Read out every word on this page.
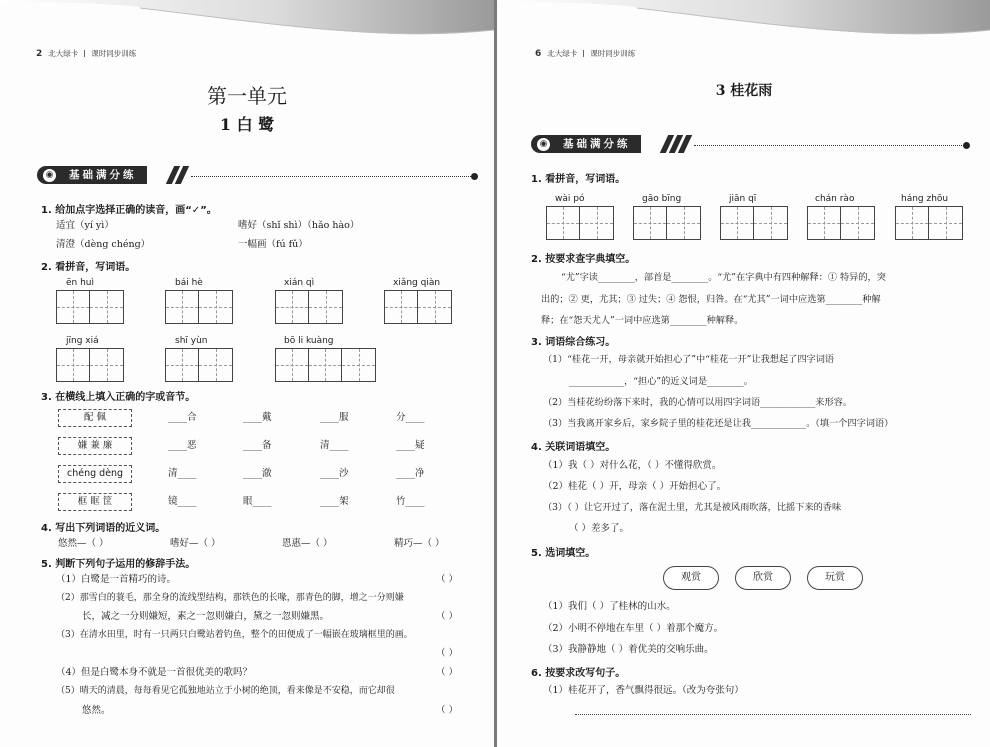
2 北大绿卡 课时同步训练
第一单元
1 白 鹭
基础满分练
◉
1. 给加点字选择正确的读音，画“✓”。
适宜（yí yì）	嗜好（shǐ shì）（hǎo hào）
清澄（dèng chéng）	一幅画（fú fǔ）
2. 看拼音，写词语。
ēn huì	bái hè	xián qì	xiǎng qiàn
jīng xiá	shī yùn	bō li kuàng
3. 在横线上填入正确的字或音节。
配 佩	____合	____戴	____服	分____
嫌 兼 廉	____恶	____备	清____	____疑
chéng dèng	清____	____澈	____沙	____净
框 眶 筐	镜____	眼____	____架	竹____
4. 写出下列词语的近义词。
悠然—（ ）	嗜好—（ ）	恩惠—（ ）	精巧—（ ）
5. 判断下列句子运用的修辞手法。
（1）白鹭是一首精巧的诗。	（ ）
（2）那雪白的蓑毛，那全身的流线型结构，那铁色的长喙，那青色的脚，增之一分则嫌
长，减之一分则嫌短，素之一忽则嫌白，黛之一忽则嫌黑。	（ ）
（3）在清水田里，时有一只两只白鹭站着钓鱼，整个的田便成了一幅嵌在玻璃框里的画。
（ ）
（4）但是白鹭本身不就是一首很优美的歌吗？	（ ）
（5）晴天的清晨，每每看见它孤独地站立于小树的绝顶，看来像是不安稳，而它却很
悠然。	（ ）
6 北大绿卡 课时同步训练
3 桂花雨
基础满分练
◉
1. 看拼音，写词语。
wài pó	gāo bīng	jiān qī	chán rào	háng zhōu
2. 按要求查字典填空。
“尤”字读________，部首是________。“尤”在字典中有四种解释：① 特异的，突
出的；② 更，尤其；③ 过失；④ 怨恨，归咎。在“尤其”一词中应选第________种解
释；在“怨天尤人”一词中应选第________种解释。
3. 词语综合练习。
（1）“桂花一开，母亲就开始担心了”中“桂花一开”让我想起了四字词语
____________，“担心”的近义词是________。
（2）当桂花纷纷落下来时，我的心情可以用四字词语____________来形容。
（3）当我离开家乡后，家乡院子里的桂花还是让我____________。（填一个四字词语）
4. 关联词语填空。
（1）我（ ）对什么花，（ ）不懂得欣赏。
（2）桂花（ ）开，母亲（ ）开始担心了。
（3）（ ）让它开过了，落在泥土里，尤其是被风雨吹落，比摇下来的香味
（ ）差多了。
5. 选词填空。
观赏	欣赏	玩赏
（1）我们（ ）了桂林的山水。
（2）小明不停地在车里（ ）着那个魔方。
（3）我静静地（ ）着优美的交响乐曲。
6. 按要求改写句子。
（1）桂花开了，香气飘得很远。（改为夸张句）
